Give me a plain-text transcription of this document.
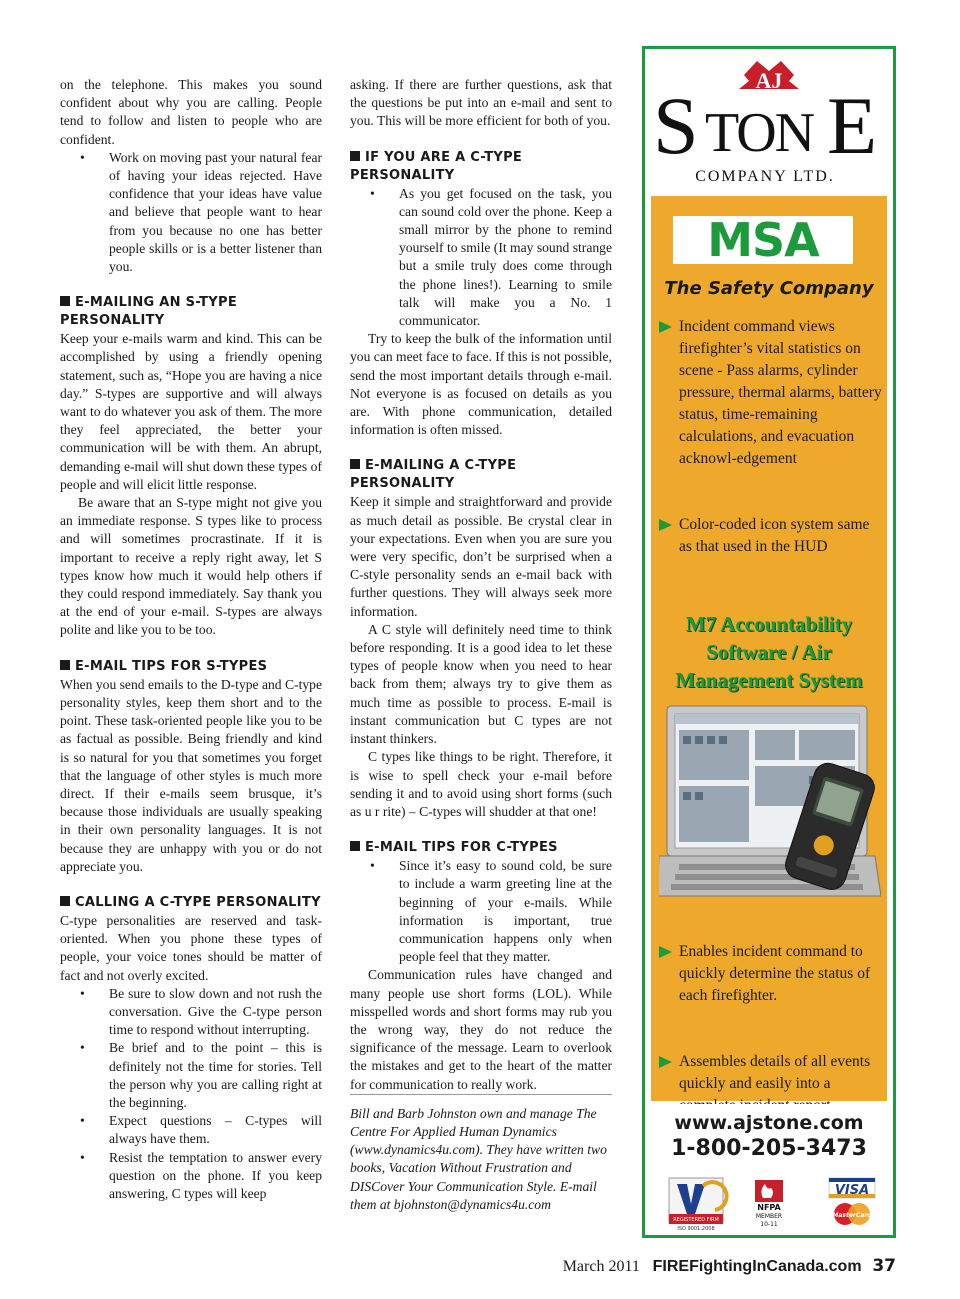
on the telephone. This makes you sound confident about why you are calling. People tend to follow and listen to people who are confident.

• Work on moving past your natural fear of having your ideas rejected. Have confidence that your ideas have value and believe that people want to hear from you because no one has better people skills or is a better listener than you.
E-MAILING AN S-TYPE PERSONALITY

Keep your e-mails warm and kind. This can be accomplished by using a friendly opening statement, such as, “Hope you are having a nice day.” S-types are supportive and will always want to do whatever you ask of them. The more they feel appreciated, the better your communication will be with them. An abrupt, demanding e-mail will shut down these types of people and will elicit little response.

Be aware that an S-type might not give you an immediate response. S types like to process and will sometimes procrastinate. If it is important to receive a reply right away, let S types know how much it would help others if they could respond immediately. Say thank you at the end of your e-mail. S-types are always polite and like you to be too.

E-MAIL TIPS FOR S-TYPES

When you send emails to the D-type and C-type personality styles, keep them short and to the point. These task-oriented people like you to be as factual as possible. Being friendly and kind is so natural for you that sometimes you forget that the language of other styles is much more direct. If their e-mails seem brusque, it’s because those individuals are usually speaking in their own personality languages. It is not because they are unhappy with you or do not appreciate you.

CALLING A C-TYPE PERSONALITY

C-type personalities are reserved and task-oriented. When you phone these types of people, your voice tones should be matter of fact and not overly excited.

• Be sure to slow down and not rush the conversation. Give the C-type person time to respond without interrupting.
• Be brief and to the point – this is definitely not the time for stories. Tell the person why you are calling right at the beginning.
• Expect questions – C-types will always have them.
• Resist the temptation to answer every question on the phone. If you keep answering, C types will keep

asking. If there are further questions, ask that the questions be put into an e-mail and sent to you. This will be more efficient for both of you.

IF YOU ARE A C-TYPE PERSONALITY
• As you get focused on the task, you can sound cold over the phone. Keep a small mirror by the phone to remind yourself to smile (It may sound strange but a smile truly does come through the phone lines!). Learning to smile talk will make you a No. 1 communicator.

Try to keep the bulk of the information until you can meet face to face. If this is not possible, send the most important details through e-mail. Not everyone is as focused on details as you are. With phone communication, detailed information is often missed.

E-MAILING A C-TYPE PERSONALITY

Keep it simple and straightforward and provide as much detail as possible. Be crystal clear in your expectations. Even when you are sure you were very specific, don’t be surprised when a C-style personality sends an e-mail back with further questions. They will always seek more information.

A C style will definitely need time to think before responding. It is a good idea to let these types of people know when you need to hear back from them; always try to give them as much time as possible to process. E-mail is instant communication but C types are not instant thinkers.

C types like things to be right. Therefore, it is wise to spell check your e-mail before sending it and to avoid using short forms (such as u r rite) – C-types will shudder at that one!

E-MAIL TIPS FOR C-TYPES
• Since it’s easy to sound cold, be sure to include a warm greeting line at the beginning of your e-mails. While information is important, true communication happens only when people feel that they matter.

Communication rules have changed and many people use short forms (LOL). While misspelled words and short forms may rub you the wrong way, they do not reduce the significance of the message. Learn to overlook the mistakes and get to the heart of the matter for communication to really work.

Bill and Barb Johnston own and manage The Centre For Applied Human Dynamics (www.dynamics4u.com). They have written two books, Vacation Without Frustration and DISCover Your Communication Style. E-mail them at bjohnston@dynamics4u.com

AJ
S TON E
COMPANY LTD.
MSA
The Safety Company
Incident command views firefighter’s vital statistics on scene - Pass alarms, cylinder pressure, thermal alarms, battery status, time-remaining calculations, and evacuation acknowl-edgement
Color-coded icon system same as that used in the HUD
M7 Accountability Software / Air Management System
Enables incident command to quickly determine the status of each firefighter.
Assembles details of all events quickly and easily into a
www.ajstone.com
1-800-205-3473
REGISTERED FIRM
ISO 9001:2008
NFPA
MEMBER
10-11
VISA
MasterCard
March 2011 FIREFightingInCanada.com 37
